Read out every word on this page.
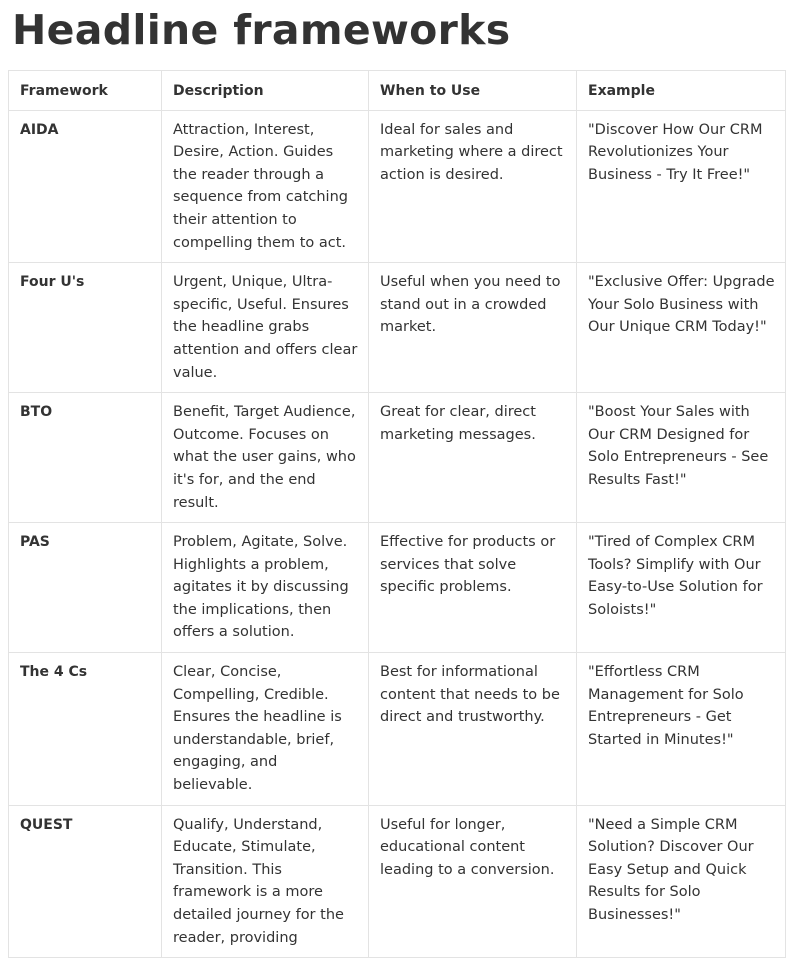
Headline frameworks
Framework	Description	When to Use	Example
AIDA	Attraction, Interest, Desire, Action. Guides the reader through a sequence from catching their attention to compelling them to act.	Ideal for sales and marketing where a direct action is desired.	"Discover How Our CRM Revolutionizes Your Business - Try It Free!"
Four U's	Urgent, Unique, Ultra-specific, Useful. Ensures the headline grabs attention and offers clear value.	Useful when you need to stand out in a crowded market.	"Exclusive Offer: Upgrade Your Solo Business with Our Unique CRM Today!"
BTO	Benefit, Target Audience, Outcome. Focuses on what the user gains, who it's for, and the end result.	Great for clear, direct marketing messages.	"Boost Your Sales with Our CRM Designed for Solo Entrepreneurs - See Results Fast!"
PAS	Problem, Agitate, Solve. Highlights a problem, agitates it by discussing the implications, then offers a solution.	Effective for products or services that solve specific problems.	"Tired of Complex CRM Tools? Simplify with Our Easy-to-Use Solution for Soloists!"
The 4 Cs	Clear, Concise, Compelling, Credible. Ensures the headline is understandable, brief, engaging, and believable.	Best for informational content that needs to be direct and trustworthy.	"Effortless CRM Management for Solo Entrepreneurs - Get Started in Minutes!"
QUEST	Qualify, Understand, Educate, Stimulate, Transition. This framework is a more detailed journey for the reader, providing	Useful for longer, educational content leading to a conversion.	"Need a Simple CRM Solution? Discover Our Easy Setup and Quick Results for Solo Businesses!"
